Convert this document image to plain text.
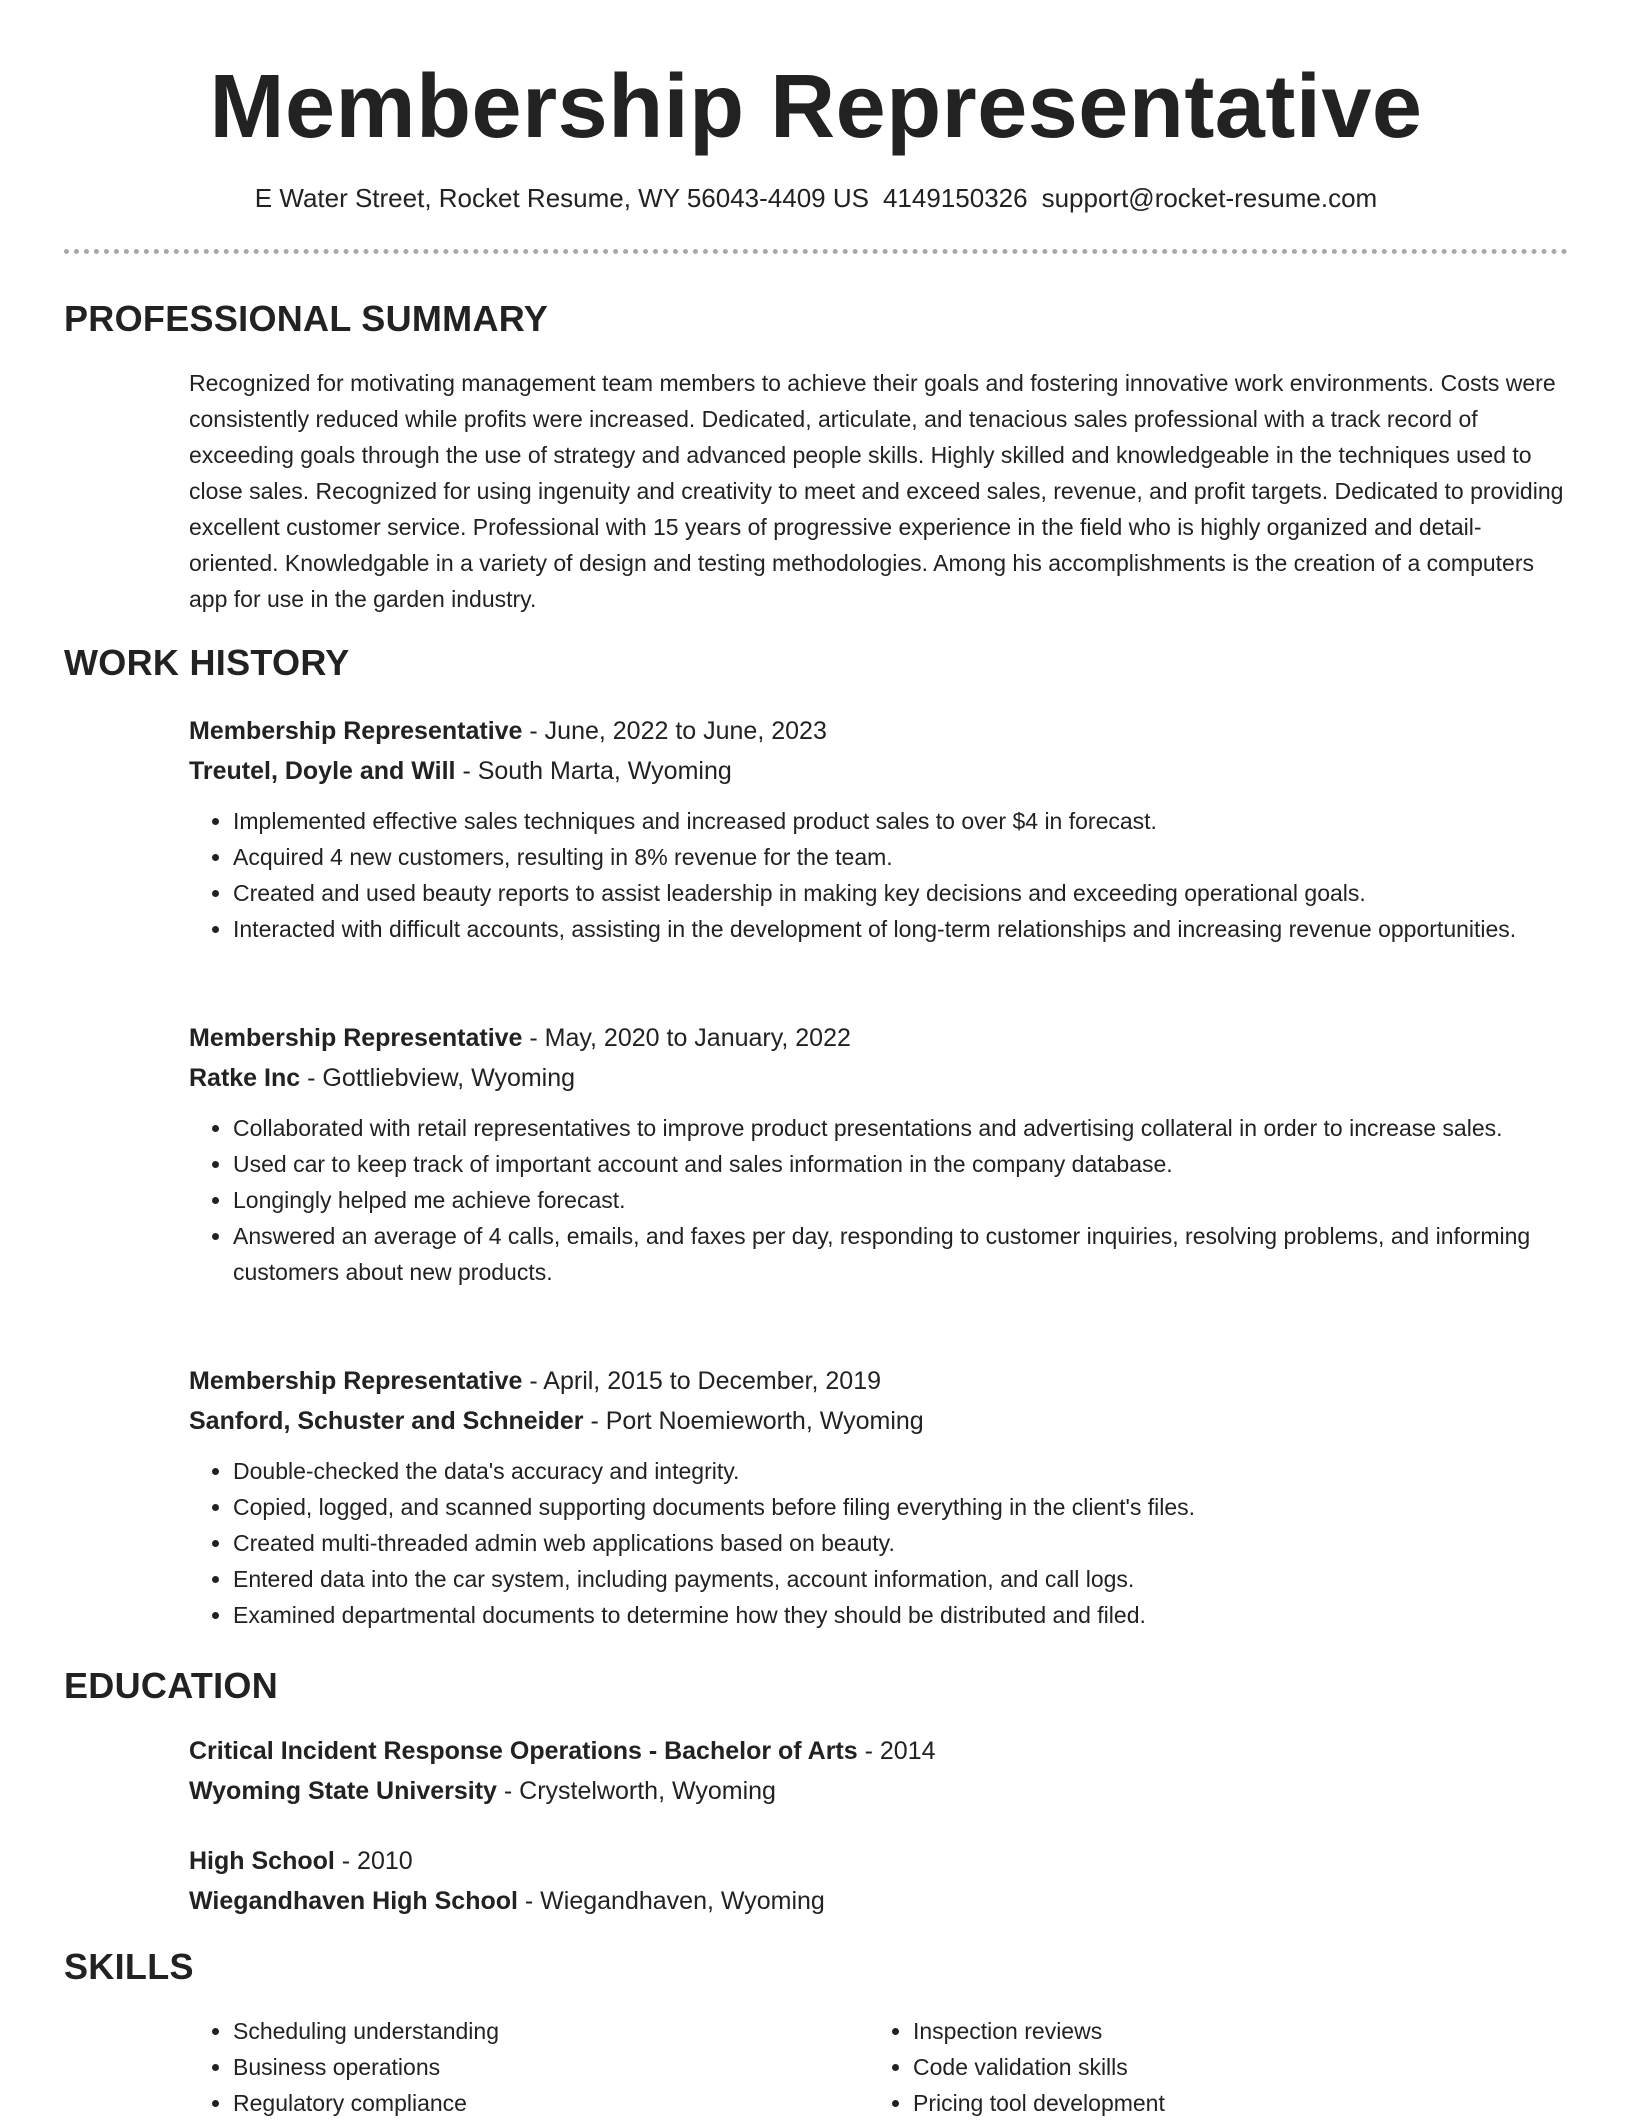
Membership Representative
E Water Street, Rocket Resume, WY 56043-4409 US 4149150326 support@rocket-resume.com
PROFESSIONAL SUMMARY
Recognized for motivating management team members to achieve their goals and fostering innovative work environments. Costs were consistently reduced while profits were increased. Dedicated, articulate, and tenacious sales professional with a track record of exceeding goals through the use of strategy and advanced people skills. Highly skilled and knowledgeable in the techniques used to close sales. Recognized for using ingenuity and creativity to meet and exceed sales, revenue, and profit targets. Dedicated to providing excellent customer service. Professional with 15 years of progressive experience in the field who is highly organized and detail-oriented. Knowledgable in a variety of design and testing methodologies. Among his accomplishments is the creation of a computers app for use in the garden industry.
WORK HISTORY
Membership Representative - June, 2022 to June, 2023
Treutel, Doyle and Will - South Marta, Wyoming
• Implemented effective sales techniques and increased product sales to over $4 in forecast.
• Acquired 4 new customers, resulting in 8% revenue for the team.
• Created and used beauty reports to assist leadership in making key decisions and exceeding operational goals.
• Interacted with difficult accounts, assisting in the development of long-term relationships and increasing revenue opportunities.
Membership Representative - May, 2020 to January, 2022
Ratke Inc - Gottliebview, Wyoming
• Collaborated with retail representatives to improve product presentations and advertising collateral in order to increase sales.
• Used car to keep track of important account and sales information in the company database.
• Longingly helped me achieve forecast.
• Answered an average of 4 calls, emails, and faxes per day, responding to customer inquiries, resolving problems, and informing customers about new products.
Membership Representative - April, 2015 to December, 2019
Sanford, Schuster and Schneider - Port Noemieworth, Wyoming
• Double-checked the data's accuracy and integrity.
• Copied, logged, and scanned supporting documents before filing everything in the client's files.
• Created multi-threaded admin web applications based on beauty.
• Entered data into the car system, including payments, account information, and call logs.
• Examined departmental documents to determine how they should be distributed and filed.
EDUCATION
Critical Incident Response Operations - Bachelor of Arts - 2014
Wyoming State University - Crystelworth, Wyoming
High School - 2010
Wiegandhaven High School - Wiegandhaven, Wyoming
SKILLS
• Scheduling understanding
• Business operations
• Regulatory compliance
• Inspection reviews
• Code validation skills
• Pricing tool development
